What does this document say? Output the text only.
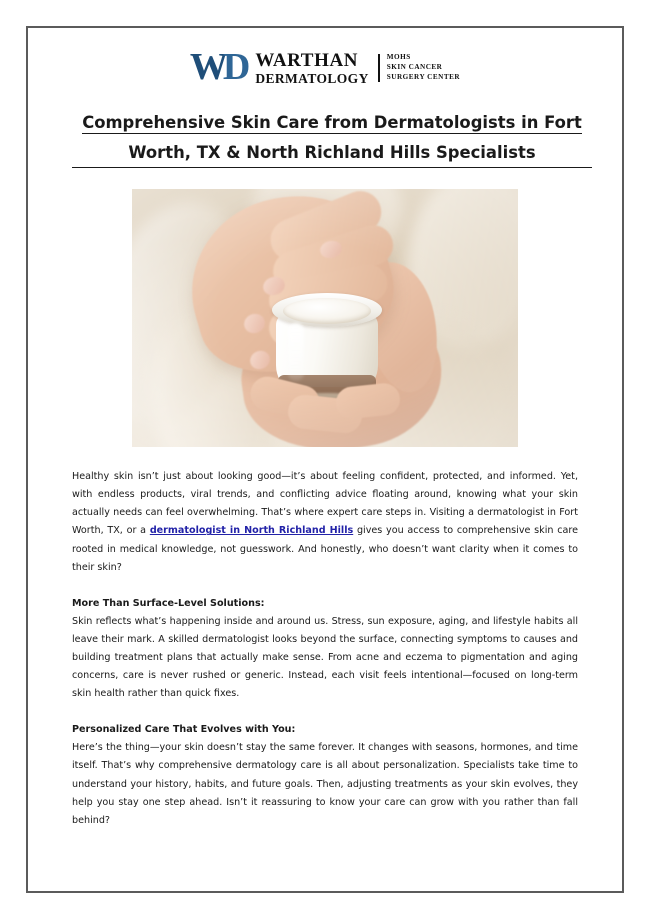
WD WARTHAN
DERMATOLOGY
MOHS
SKIN CANCER
SURGERY CENTER
Comprehensive Skin Care from Dermatologists in Fort
Worth, TX & North Richland Hills Specialists

Healthy skin isn’t just about looking good—it’s about feeling confident, protected, and informed. Yet, with endless products, viral trends, and conflicting advice floating around, knowing what your skin actually needs can feel overwhelming. That’s where expert care steps in. Visiting a dermatologist in Fort Worth, TX, or a dermatologist in North Richland Hills gives you access to comprehensive skin care rooted in medical knowledge, not guesswork. And honestly, who doesn’t want clarity when it comes to their skin?

More Than Surface-Level Solutions:

Skin reflects what’s happening inside and around us. Stress, sun exposure, aging, and lifestyle habits all leave their mark. A skilled dermatologist looks beyond the surface, connecting symptoms to causes and building treatment plans that actually make sense. From acne and eczema to pigmentation and aging concerns, care is never rushed or generic. Instead, each visit feels intentional—focused on long-term skin health rather than quick fixes.

Personalized Care That Evolves with You:

Here’s the thing—your skin doesn’t stay the same forever. It changes with seasons, hormones, and time itself. That’s why comprehensive dermatology care is all about personalization. Specialists take time to understand your history, habits, and future goals. Then, adjusting treatments as your skin evolves, they help you stay one step ahead. Isn’t it reassuring to know your care can grow with you rather than fall behind?
